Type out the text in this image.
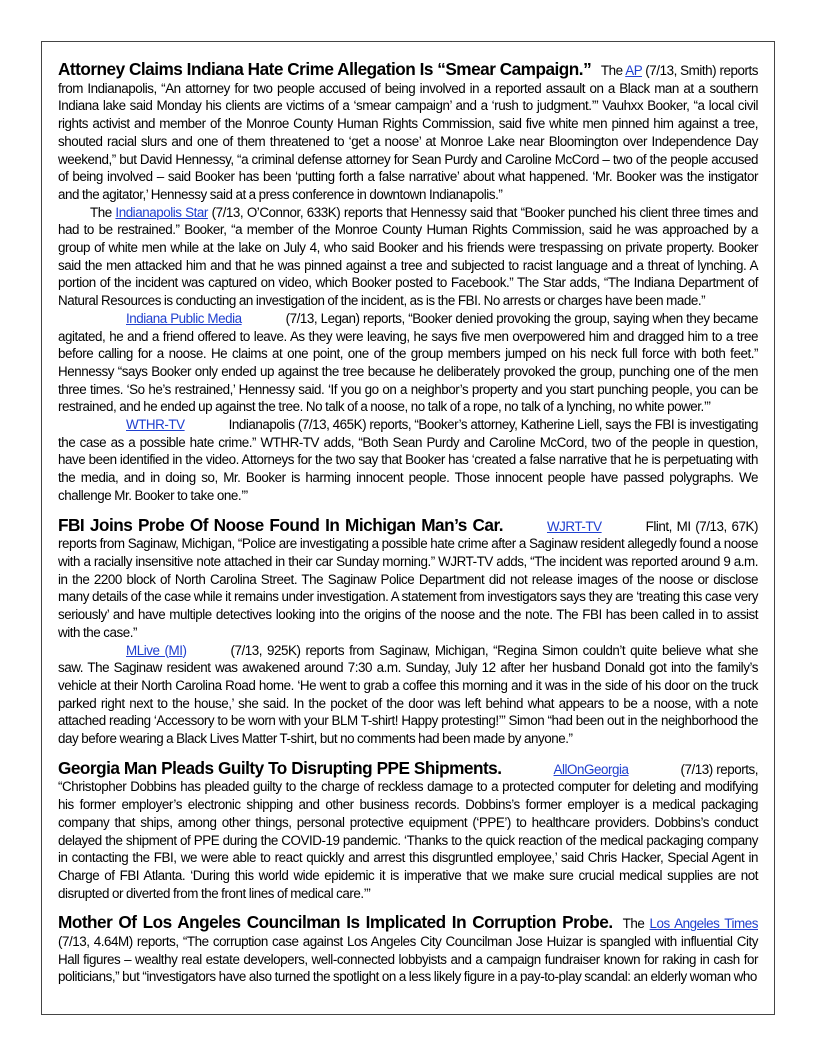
Attorney Claims Indiana Hate Crime Allegation Is “Smear Campaign.” The AP (7/13, Smith) reports from Indianapolis, “An attorney for two people accused of being involved in a reported assault on a Black man at a southern Indiana lake said Monday his clients are victims of a ‘smear campaign’ and a ‘rush to judgment.’” Vauhxx Booker, “a local civil rights activist and member of the Monroe County Human Rights Commission, said five white men pinned him against a tree, shouted racial slurs and one of them threatened to ‘get a noose’ at Monroe Lake near Bloomington over Independence Day weekend,” but David Hennessy, “a criminal defense attorney for Sean Purdy and Caroline McCord – two of the people accused of being involved – said Booker has been ‘putting forth a false narrative’ about what happened. ‘Mr. Booker was the instigator and the agitator,’ Hennessy said at a press conference in downtown Indianapolis.”

The Indianapolis Star (7/13, O’Connor, 633K) reports that Hennessy said that “Booker punched his client three times and had to be restrained.” Booker, “a member of the Monroe County Human Rights Commission, said he was approached by a group of white men while at the lake on July 4, who said Booker and his friends were trespassing on private property. Booker said the men attacked him and that he was pinned against a tree and subjected to racist language and a threat of lynching. A portion of the incident was captured on video, which Booker posted to Facebook.” The Star adds, “The Indiana Department of Natural Resources is conducting an investigation of the incident, as is the FBI. No arrests or charges have been made.”

Indiana Public Media	(7/13, Legan) reports, “Booker denied provoking the group, saying when they became agitated, he and a friend offered to leave. As they were leaving, he says five men overpowered him and dragged him to a tree before calling for a noose. He claims at one point, one of the group members jumped on his neck full force with both feet.” Hennessy “says Booker only ended up against the tree because he deliberately provoked the group, punching one of the men three times. ‘So he’s restrained,’ Hennessy said. ‘If you go on a neighbor’s property and you start punching people, you can be restrained, and he ended up against the tree. No talk of a noose, no talk of a rope, no talk of a lynching, no white power.’”

WTHR-TV	Indianapolis (7/13, 465K) reports, “Booker’s attorney, Katherine Liell, says the FBI is investigating the case as a possible hate crime.” WTHR-TV adds, “Both Sean Purdy and Caroline McCord, two of the people in question, have been identified in the video. Attorneys for the two say that Booker has ‘created a false narrative that he is perpetuating with the media, and in doing so, Mr. Booker is harming innocent people. Those innocent people have passed polygraphs. We challenge Mr. Booker to take one.’”

FBI Joins Probe Of Noose Found In Michigan Man’s Car.	WJRT-TV	Flint, MI (7/13, 67K) reports from Saginaw, Michigan, “Police are investigating a possible hate crime after a Saginaw resident allegedly found a noose with a racially insensitive note attached in their car Sunday morning.” WJRT-TV adds, “The incident was reported around 9 a.m. in the 2200 block of North Carolina Street. The Saginaw Police Department did not release images of the noose or disclose many details of the case while it remains under investigation. A statement from investigators says they are ‘treating this case very seriously’ and have multiple detectives looking into the origins of the noose and the note. The FBI has been called in to assist with the case.”

MLive (MI)	(7/13, 925K) reports from Saginaw, Michigan, “Regina Simon couldn’t quite believe what she saw. The Saginaw resident was awakened around 7:30 a.m. Sunday, July 12 after her husband Donald got into the family’s vehicle at their North Carolina Road home. ‘He went to grab a coffee this morning and it was in the side of his door on the truck parked right next to the house,’ she said. In the pocket of the door was left behind what appears to be a noose, with a note attached reading ‘Accessory to be worn with your BLM T-shirt! Happy protesting!’” Simon “had been out in the neighborhood the day before wearing a Black Lives Matter T-shirt, but no comments had been made by anyone.”

Georgia Man Pleads Guilty To Disrupting PPE Shipments.	AllOnGeorgia	(7/13) reports, “Christopher Dobbins has pleaded guilty to the charge of reckless damage to a protected computer for deleting and modifying his former employer’s electronic shipping and other business records. Dobbins’s former employer is a medical packaging company that ships, among other things, personal protective equipment (‘PPE’) to healthcare providers. Dobbins’s conduct delayed the shipment of PPE during the COVID-19 pandemic. ‘Thanks to the quick reaction of the medical packaging company in contacting the FBI, we were able to react quickly and arrest this disgruntled employee,’ said Chris Hacker, Special Agent in Charge of FBI Atlanta. ‘During this world wide epidemic it is imperative that we make sure crucial medical supplies are not disrupted or diverted from the front lines of medical care.’”

Mother Of Los Angeles Councilman Is Implicated In Corruption Probe. The Los Angeles Times (7/13, 4.64M) reports, “The corruption case against Los Angeles City Councilman Jose Huizar is spangled with influential City Hall figures – wealthy real estate developers, well-connected lobbyists and a campaign fundraiser known for raking in cash for politicians,” but “investigators have also turned the spotlight on a less likely figure in a pay-to-play scandal: an elderly woman who
